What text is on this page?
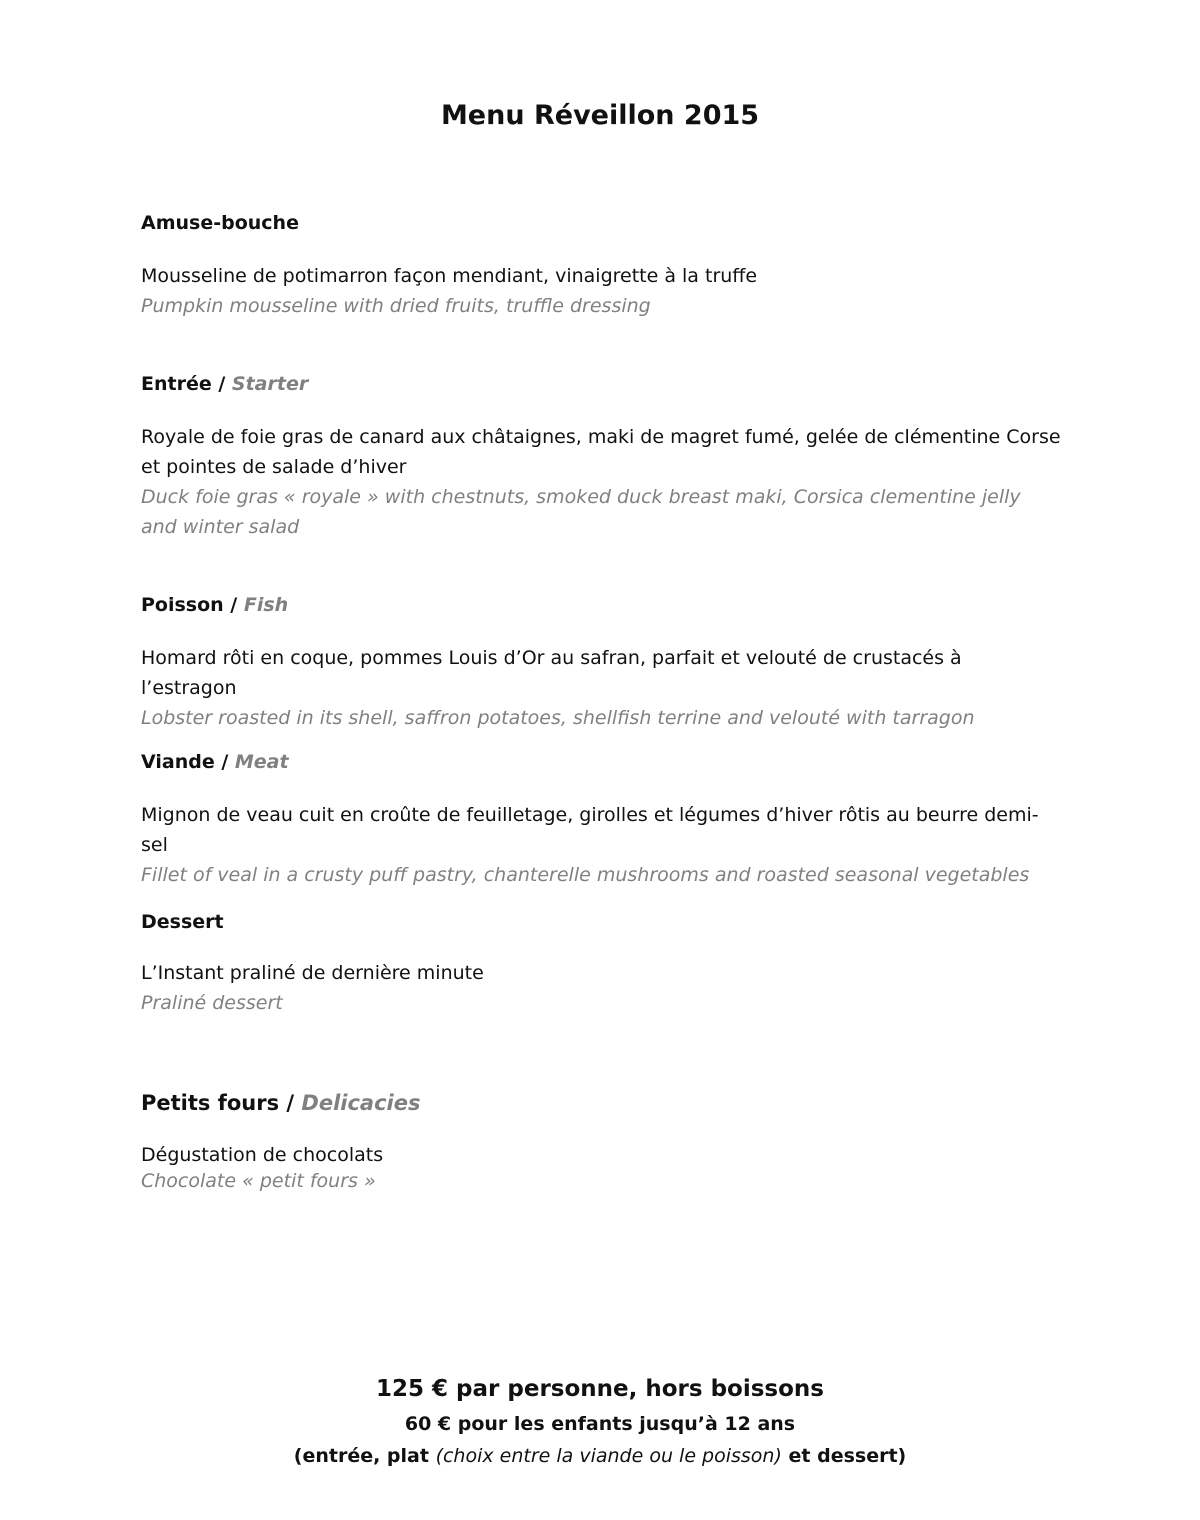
Menu Réveillon 2015

Amuse-bouche

Mousseline de potimarron façon mendiant, vinaigrette à la truffe

Pumpkin mousseline with dried fruits, truffle dressing

Entrée / Starter

Royale de foie gras de canard aux châtaignes, maki de magret fumé, gelée de clémentine Corse et pointes de salade d’hiver

Duck foie gras « royale » with chestnuts, smoked duck breast maki, Corsica clementine jelly and winter salad

Poisson / Fish

Homard rôti en coque, pommes Louis d’Or au safran, parfait et velouté de crustacés à l’estragon

Lobster roasted in its shell, saffron potatoes, shellfish terrine and velouté with tarragon

Viande / Meat

Mignon de veau cuit en croûte de feuilletage, girolles et légumes d’hiver rôtis au beurre demi-sel

Fillet of veal in a crusty puff pastry, chanterelle mushrooms and roasted seasonal vegetables

Dessert

L’Instant praliné de dernière minute

Praliné dessert

Petits fours / Delicacies

Dégustation de chocolats

Chocolate « petit fours »

125 € par personne, hors boissons
60 € pour les enfants jusqu’à 12 ans
(entrée, plat (choix entre la viande ou le poisson) et dessert)
